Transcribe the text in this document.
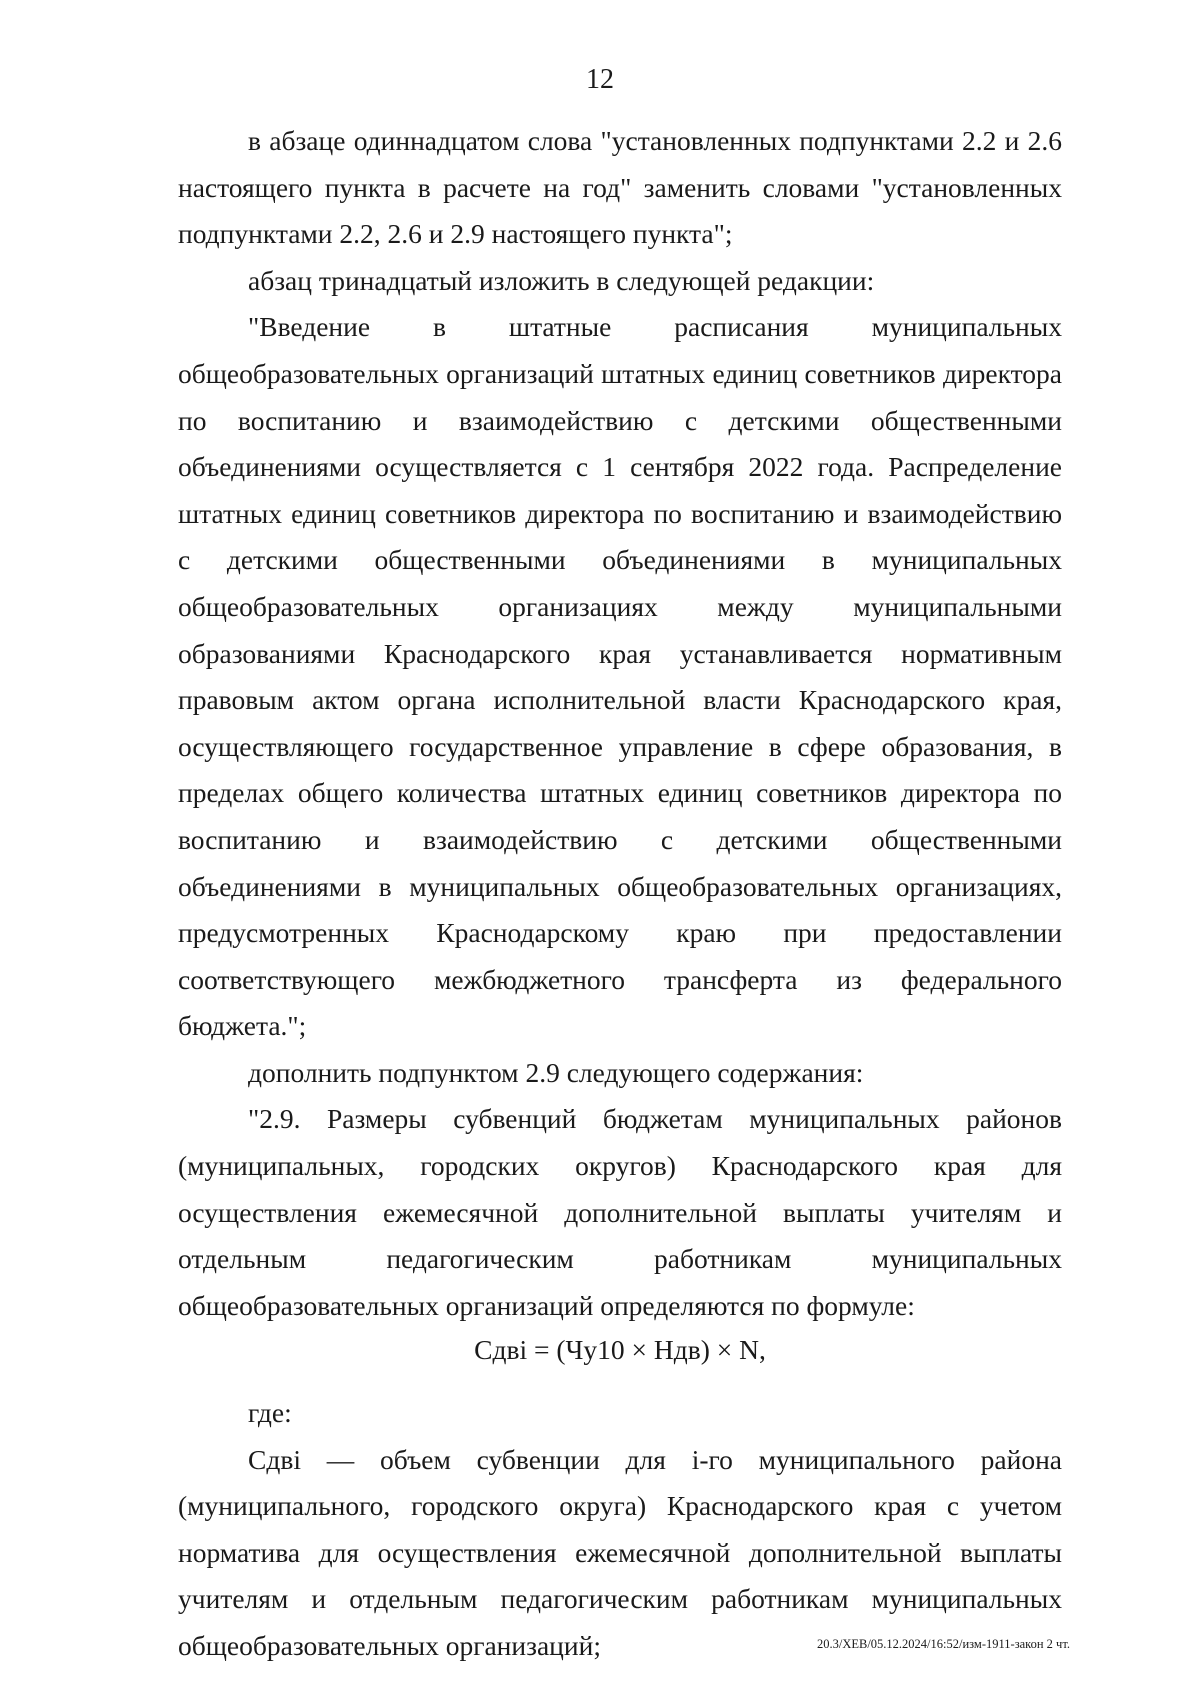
12

в абзаце одиннадцатом слова "установленных подпунктами 2.2 и 2.6 настоящего пункта в расчете на год" заменить словами "установленных подпунктами 2.2, 2.6 и 2.9 настоящего пункта";

абзац тринадцатый изложить в следующей редакции:

"Введение в штатные расписания муниципальных общеобразовательных организаций штатных единиц советников директора по воспитанию и взаимодействию с детскими общественными объединениями осуществляется с 1 сентября 2022 года. Распределение штатных единиц советников директора по воспитанию и взаимодействию с детскими общественными объединениями в муниципальных общеобразовательных организациях между муниципальными образованиями Краснодарского края устанавливается нормативным правовым актом органа исполнительной власти Краснодарского края, осуществляющего государственное управление в сфере образования, в пределах общего количества штатных единиц советников директора по воспитанию и взаимодействию с детскими общественными объединениями в муниципальных общеобразовательных организациях, предусмотренных Краснодарскому краю при предоставлении соответствующего межбюджетного трансферта из федерального бюджета.";

дополнить подпунктом 2.9 следующего содержания:

"2.9. Размеры субвенций бюджетам муниципальных районов (муниципальных, городских округов) Краснодарского края для осуществления ежемесячной дополнительной выплаты учителям и отдельным педагогическим работникам муниципальных общеобразовательных организаций определяются по формуле:

Сдвi = (Чу10 × Ндв) × N,

где:

Сдвi — объем субвенции для i-го муниципального района (муниципального, городского округа) Краснодарского края с учетом норматива для осуществления ежемесячной дополнительной выплаты учителям и отдельным педагогическим работникам муниципальных общеобразовательных организаций;	20.3/ХЕВ/05.12.2024/16:52/изм-1911-закон 2 чт.
